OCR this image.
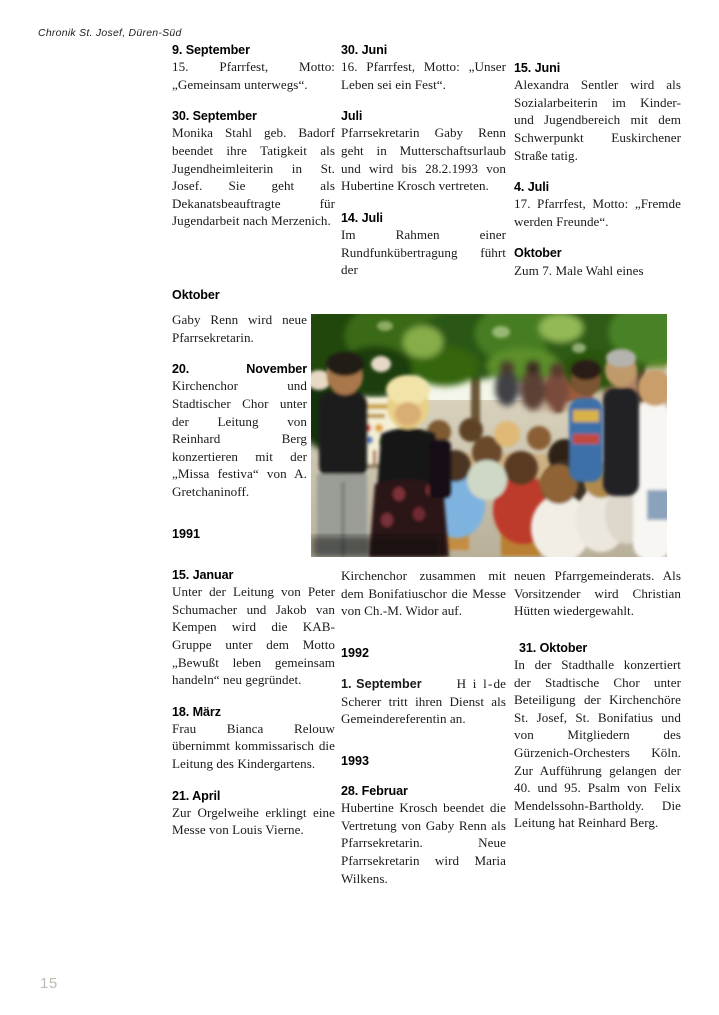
Chronik St. Josef, Düren-Süd
9. September

15. Pfarrfest, Motto: „Gemeinsam unterwegs“.

30. September

Monika Stahl geb. Badorf beendet ihre Tatigkeit als Jugendheimleiterin in St. Josef. Sie geht als Dekanatsbeauftragte für Jugendarbeit nach Merzenich.

Oktober

Gaby Renn wird neue Pfarrsekretarin.

20. November

Kirchenchor und Stadtischer Chor unter der Leitung von Reinhard Berg konzertieren mit der „Missa festiva“ von A. Gretchaninoff.

1991

15. Januar

Unter der Leitung von Peter Schumacher und Jakob van Kempen wird die KAB-Gruppe unter dem Motto „Bewußt leben gemeinsam handeln“ neu gegründet.

18. März

Frau Bianca Relouw übernimmt kommissarisch die Leitung des Kindergartens.

21. April

Zur Orgelweihe erklingt eine Messe von Louis Vierne.

30. Juni

16. Pfarrfest, Motto: „Unser Leben sei ein Fest“.

Juli

Pfarrsekretarin Gaby Renn geht in Mutterschaftsurlaub und wird bis 28.2.1993 von Hubertine Krosch vertreten.

14. Juli

Im Rahmen einer Rundfunkübertragung führt der

Kirchenchor zusammen mit dem Bonifatiuschor die Messe von Ch.-M. Widor auf.

1992

1. September	H i l-de Scherer tritt ihren Dienst als Gemeindereferentin an.

1993

28. Februar

Hubertine Krosch beendet die Vertretung von Gaby Renn als Pfarrsekretarin. Neue Pfarrsekretarin wird Maria Wilkens.

15. Juni

Alexandra Sentler wird als Sozialarbeiterin im Kinder- und Jugendbereich mit dem Schwerpunkt Euskirchener Straße tatig.

4. Juli

17. Pfarrfest, Motto: „Fremde werden Freunde“.

Oktober

Zum 7. Male Wahl eines

neuen Pfarrgemeinderats. Als Vorsitzender wird Christian Hütten wiedergewahlt.

31. Oktober

In der Stadthalle konzertiert der Stadtische Chor unter Beteiligung der Kirchenchöre St. Josef, St. Bonifatius und von Mitgliedern des Gürzenich-Orchesters Köln. Zur Aufführung gelangen der 40. und 95. Psalm von Felix Mendelssohn-Bartholdy. Die Leitung hat Reinhard Berg.

15
